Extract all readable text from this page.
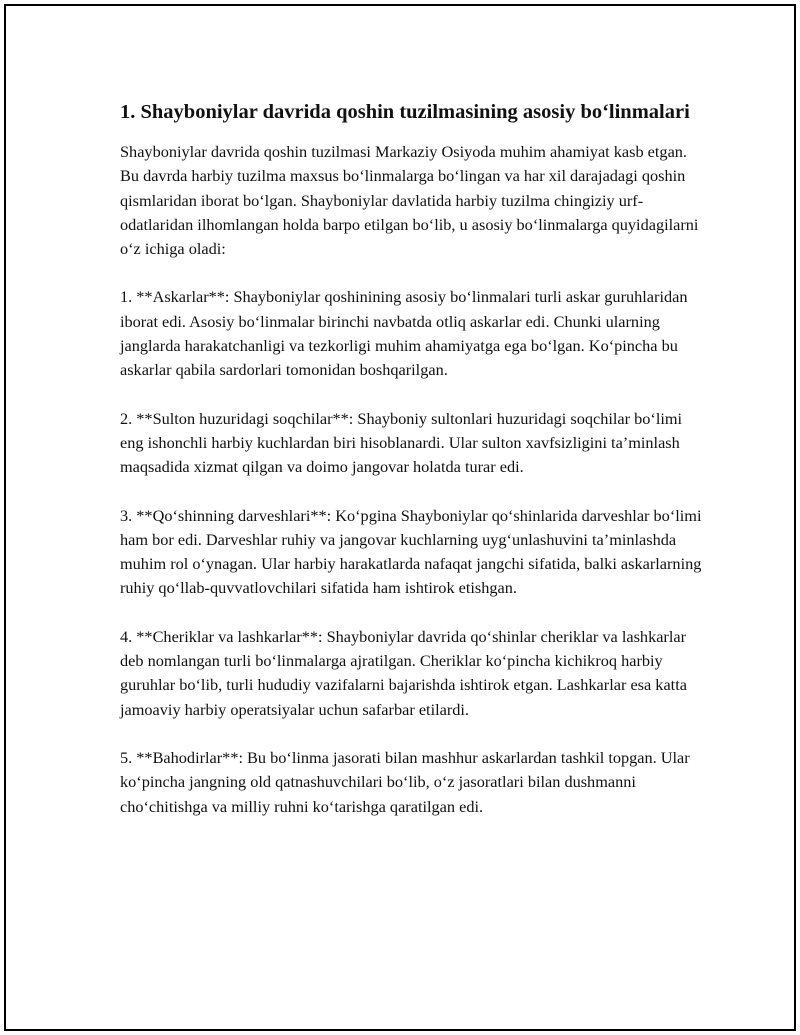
1. Shayboniylar davrida qoshin tuzilmasining asosiy bo‘linmalari

Shayboniylar davrida qoshin tuzilmasi Markaziy Osiyoda muhim ahamiyat kasb etgan. Bu davrda harbiy tuzilma maxsus bo‘linmalarga bo‘lingan va har xil darajadagi qoshin qismlaridan iborat bo‘lgan. Shayboniylar davlatida harbiy tuzilma chingiziy urf-odatlaridan ilhomlangan holda barpo etilgan bo‘lib, u asosiy bo‘linmalarga quyidagilarni o‘z ichiga oladi:

1. **Askarlar**: Shayboniylar qoshinining asosiy bo‘linmalari turli askar guruhlaridan iborat edi. Asosiy bo‘linmalar birinchi navbatda otliq askarlar edi. Chunki ularning janglarda harakatchanligi va tezkorligi muhim ahamiyatga ega bo‘lgan. Ko‘pincha bu askarlar qabila sardorlari tomonidan boshqarilgan.

2. **Sulton huzuridagi soqchilar**: Shayboniy sultonlari huzuridagi soqchilar bo‘limi eng ishonchli harbiy kuchlardan biri hisoblanardi. Ular sulton xavfsizligini ta’minlash maqsadida xizmat qilgan va doimo jangovar holatda turar edi.

3. **Qo‘shinning darveshlari**: Ko‘pgina Shayboniylar qo‘shinlarida darveshlar bo‘limi ham bor edi. Darveshlar ruhiy va jangovar kuchlarning uyg‘unlashuvini ta’minlashda muhim rol o‘ynagan. Ular harbiy harakatlarda nafaqat jangchi sifatida, balki askarlarning ruhiy qo‘llab-quvvatlovchilari sifatida ham ishtirok etishgan.

4. **Cheriklar va lashkarlar**: Shayboniylar davrida qo‘shinlar cheriklar va lashkarlar deb nomlangan turli bo‘linmalarga ajratilgan. Cheriklar ko‘pincha kichikroq harbiy guruhlar bo‘lib, turli hududiy vazifalarni bajarishda ishtirok etgan. Lashkarlar esa katta jamoaviy harbiy operatsiyalar uchun safarbar etilardi.

5. **Bahodirlar**: Bu bo‘linma jasorati bilan mashhur askarlardan tashkil topgan. Ular ko‘pincha jangning old qatnashuvchilari bo‘lib, o‘z jasoratlari bilan dushmanni cho‘chitishga va milliy ruhni ko‘tarishga qaratilgan edi.
